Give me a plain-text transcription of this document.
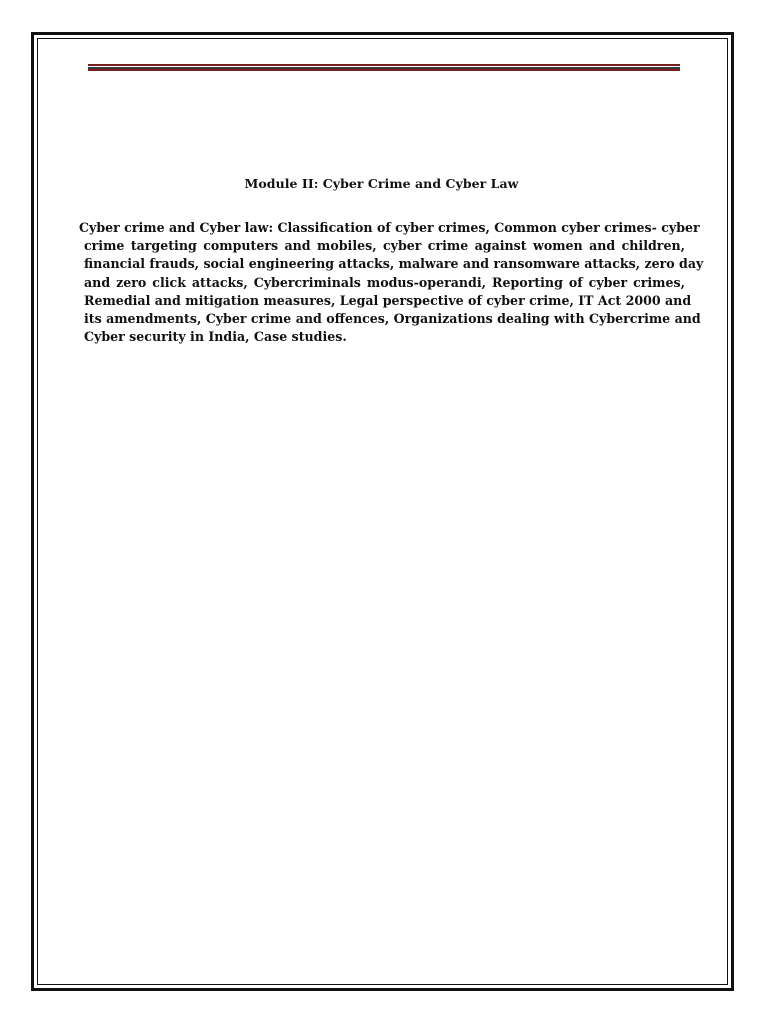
Module II: Cyber Crime and Cyber Law
Cyber crime and Cyber law: Classification of cyber crimes, Common cyber crimes- cyber
crime targeting computers and mobiles, cyber crime against women and children,
financial frauds, social engineering attacks, malware and ransomware attacks, zero day
and zero click attacks, Cybercriminals modus-operandi, Reporting of cyber crimes,
Remedial and mitigation measures, Legal perspective of cyber crime, IT Act 2000 and
its amendments, Cyber crime and offences, Organizations dealing with Cybercrime and
Cyber security in India, Case studies.
